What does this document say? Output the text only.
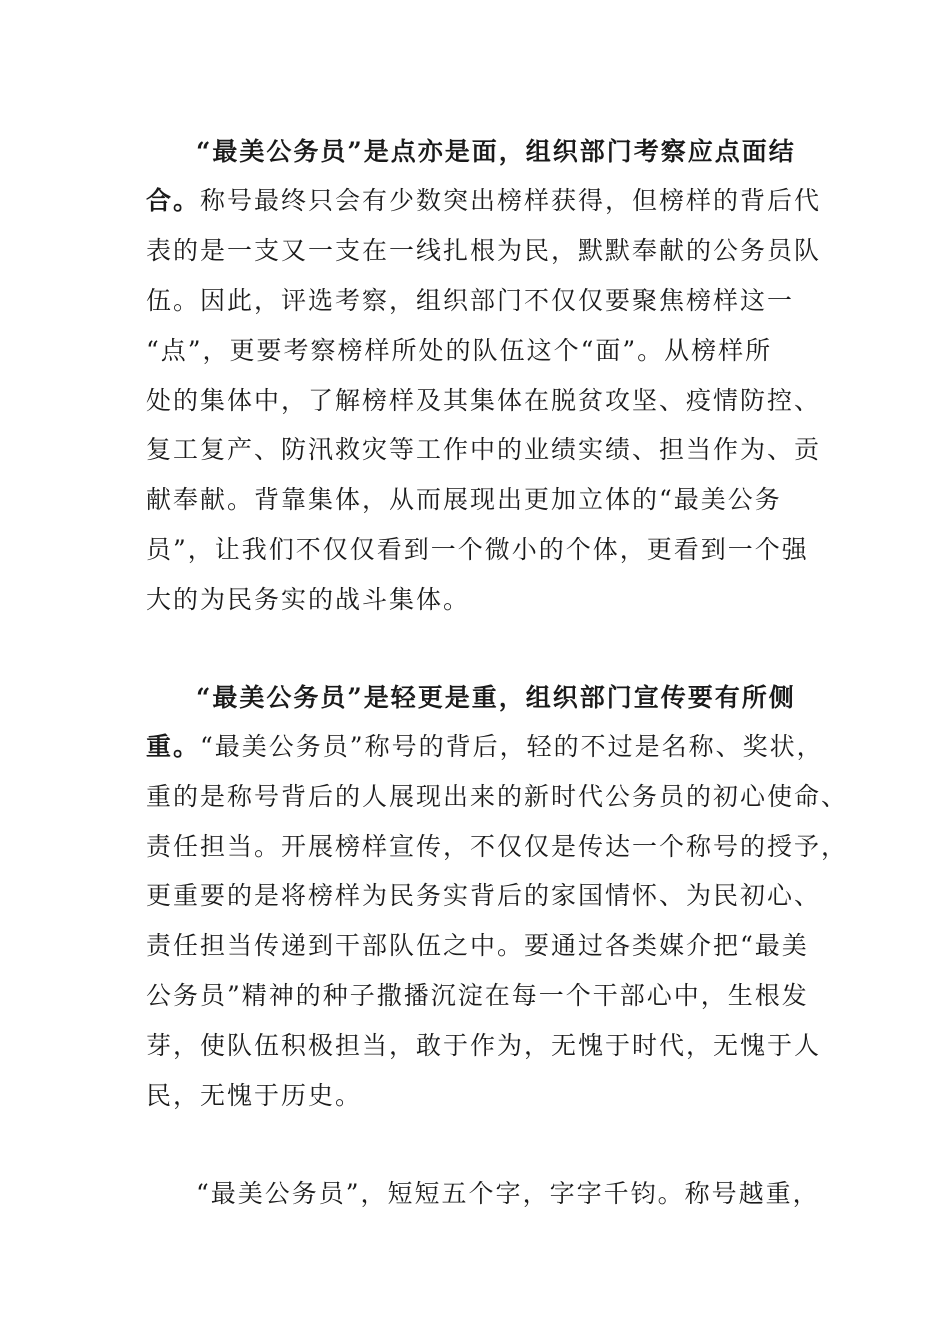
“最美公务员”是点亦是面，组织部门考察应点面结
合。称号最终只会有少数突出榜样获得，但榜样的背后代
表的是一支又一支在一线扎根为民，默默奉献的公务员队
伍。因此，评选考察，组织部门不仅仅要聚焦榜样这一
“点”，更要考察榜样所处的队伍这个“面”。从榜样所
处的集体中，了解榜样及其集体在脱贫攻坚、疫情防控、
复工复产、防汛救灾等工作中的业绩实绩、担当作为、贡
献奉献。背靠集体，从而展现出更加立体的“最美公务
员”，让我们不仅仅看到一个微小的个体，更看到一个强
大的为民务实的战斗集体。
“最美公务员”是轻更是重，组织部门宣传要有所侧
重。“最美公务员”称号的背后，轻的不过是名称、奖状，
重的是称号背后的人展现出来的新时代公务员的初心使命、
责任担当。开展榜样宣传，不仅仅是传达一个称号的授予，
更重要的是将榜样为民务实背后的家国情怀、为民初心、
责任担当传递到干部队伍之中。要通过各类媒介把“最美
公务员”精神的种子撒播沉淀在每一个干部心中，生根发
芽，使队伍积极担当，敢于作为，无愧于时代，无愧于人
民，无愧于历史。
“最美公务员”，短短五个字，字字千钧。称号越重，
